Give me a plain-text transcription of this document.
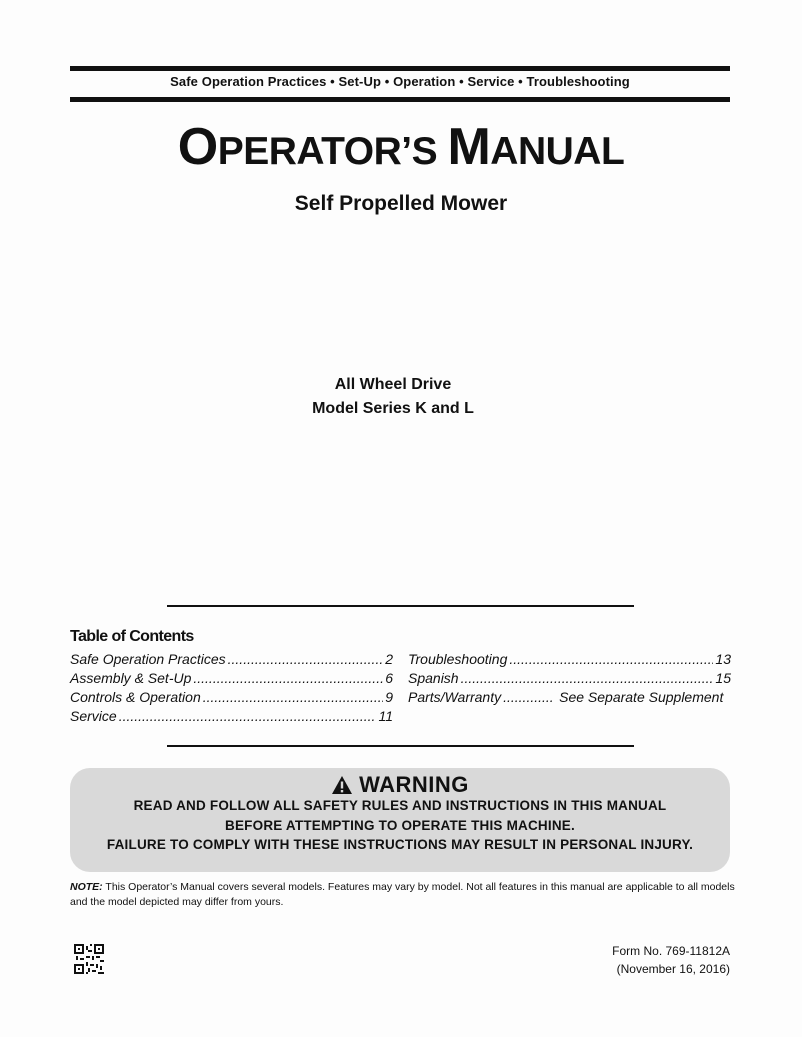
Safe Operation Practices • Set-Up • Operation • Service • Troubleshooting
OPERATOR’S MANUAL
Self Propelled Mower
All Wheel Drive
Model Series K and L
Table of Contents
Safe Operation Practices .....	2
Assembly & Set-Up .....	6
Controls & Operation .....	9
Service .....	11
Troubleshooting .....	13
Spanish .....	15
Parts/Warranty .....	See Separate Supplement
WARNING
READ AND FOLLOW ALL SAFETY RULES AND INSTRUCTIONS IN THIS MANUAL
BEFORE ATTEMPTING TO OPERATE THIS MACHINE.
FAILURE TO COMPLY WITH THESE INSTRUCTIONS MAY RESULT IN PERSONAL INJURY.
NOTE: This Operator’s Manual covers several models. Features may vary by model. Not all features in this manual are applicable to all models and the model depicted may differ from yours.
Form No. 769-11812A
(November 16, 2016)
